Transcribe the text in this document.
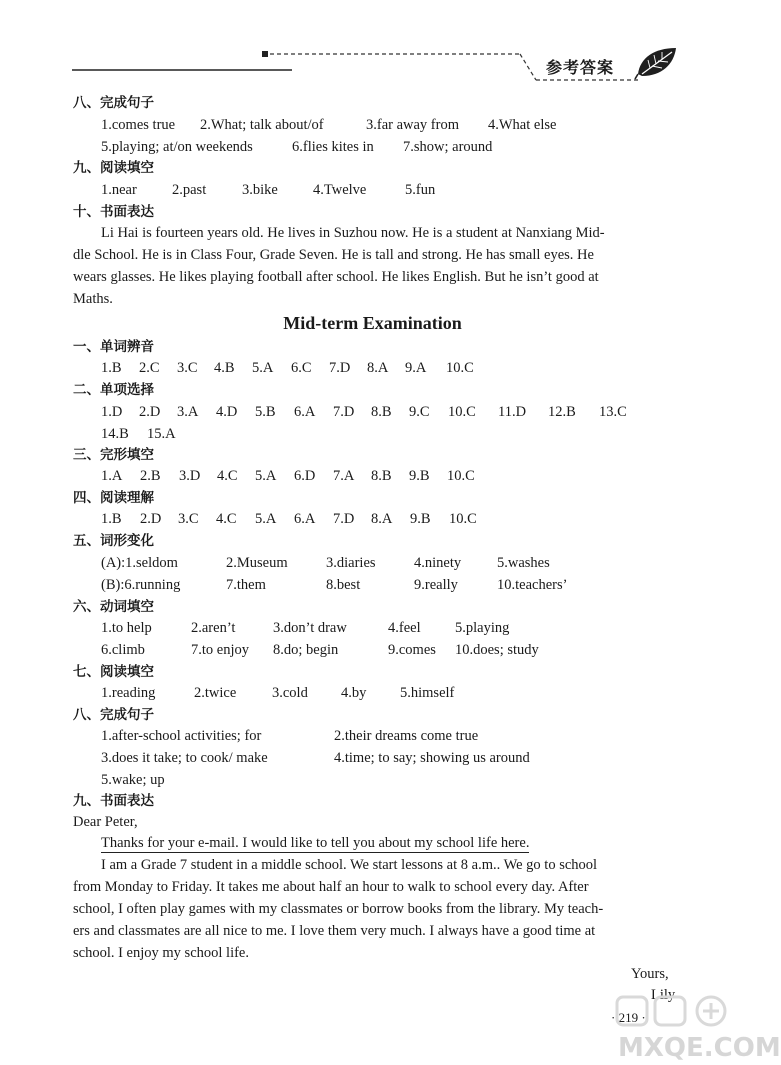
参考答案
八、完成句子
1.comes true 2.What; talk about/of	3.far away from 4.What else
5.playing; at/on weekends	6.flies kites in 7.show; around
九、阅读填空
1.near 2.past 3.bike 4.Twelve	5.fun
十、书面表达
Li Hai is fourteen years old. He lives in Suzhou now. He is a student at Nanxiang Mid-
dle School. He is in Class Four, Grade Seven. He is tall and strong. He has small eyes. He
wears glasses. He likes playing football after school. He likes English. But he isn’t good at
Maths.
Mid-term Examination
一、单词辨音
1.B 2.C 3.C 4.B 5.A 6.C 7.D 8.A 9.A 10.C
二、单项选择
1.D 2.D 3.A 4.D 5.B 6.A 7.D 8.B 9.C 10.C 11.D 12.B 13.C
14.B 15.A
三、完形填空
1.A 2.B 3.D 4.C 5.A 6.D 7.A 8.B 9.B 10.C
四、阅读理解
1.B 2.D 3.C 4.C 5.A 6.A 7.D 8.A 9.B 10.C
五、词形变化
(A):1.seldom	2.Museum	3.diaries	4.ninety 5.washes
(B):6.running	7.them	8.best	9.really	10.teachers’
六、动词填空
1.to help	2.aren’t	3.don’t draw	4.feel 5.playing
6.climb	7.to enjoy 8.do; begin	9.comes 10.does; study
七、阅读填空
1.reading	2.twice 3.cold 4.by 5.himself
八、完成句子
1.after-school activities; for	2.their dreams come true
3.does it take; to cook/ make	4.time; to say; showing us around
5.wake; up
九、书面表达
Dear Peter,
Thanks for your e-mail. I would like to tell you about my school life here.
I am a Grade 7 student in a middle school. We start lessons at 8 a.m.. We go to school
from Monday to Friday. It takes me about half an hour to walk to school every day. After
school, I often play games with my classmates or borrow books from the library. My teach-
ers and classmates are all nice to me. I love them very much. I always have a good time at
school. I enjoy my school life.
Yours,
Lily
· 219 ·
MXQE.COM
